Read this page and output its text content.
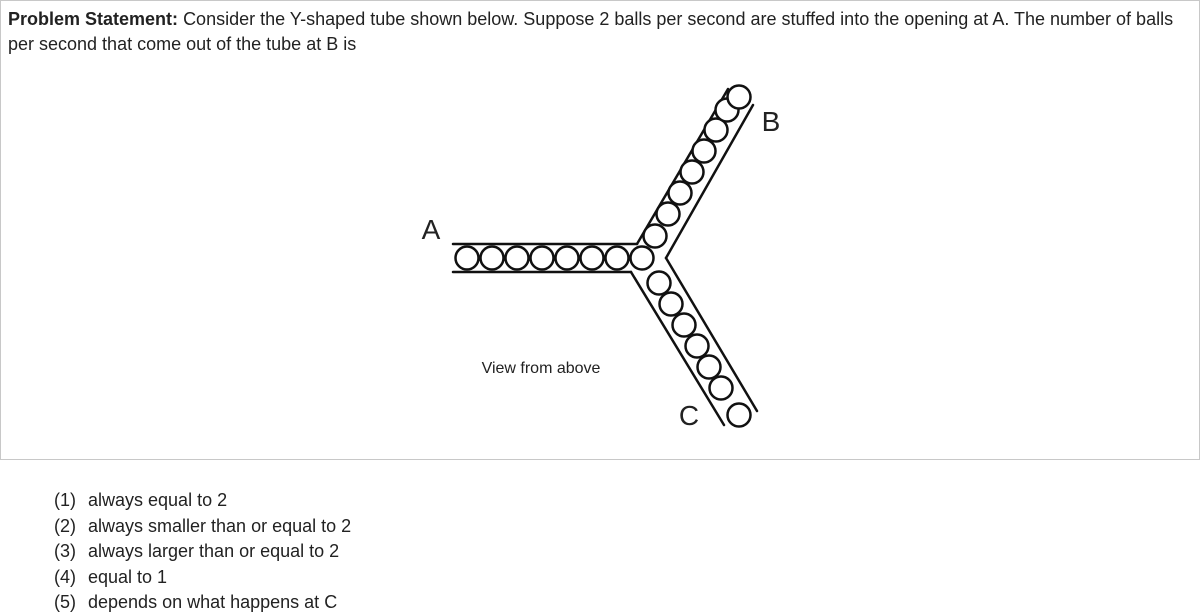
Problem Statement: Consider the Y-shaped tube shown below. Suppose 2 balls per second are stuffed into the opening at A. The number of balls per second that come out of the tube at B is
A
B
C
View from above
(1) always equal to 2
(2) always smaller than or equal to 2
(3) always larger than or equal to 2
(4) equal to 1
(5) depends on what happens at C
